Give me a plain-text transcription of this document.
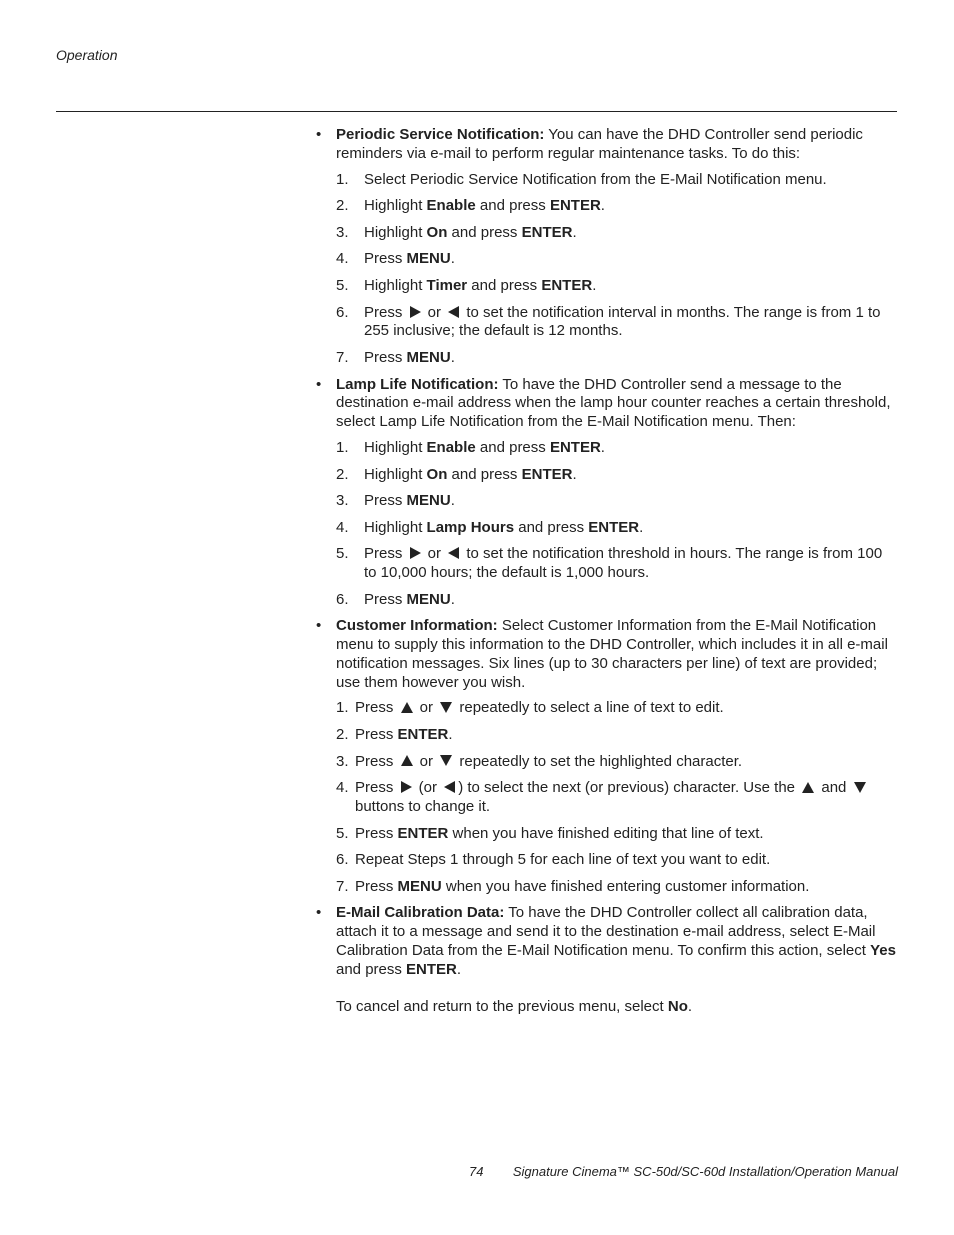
Operation
• Periodic Service Notification: You can have the DHD Controller send periodic reminders via e-mail to perform regular maintenance tasks. To do this:
1. Select Periodic Service Notification from the E-Mail Notification menu.
2. Highlight Enable and press ENTER.
3. Highlight On and press ENTER.
4. Press MENU.
5. Highlight Timer and press ENTER.
6. Press  or  to set the notification interval in months. The range is from 1 to 255 inclusive; the default is 12 months.
7. Press MENU.
• Lamp Life Notification: To have the DHD Controller send a message to the destination e-mail address when the lamp hour counter reaches a certain threshold, select Lamp Life Notification from the E-Mail Notification menu. Then:
1. Highlight Enable and press ENTER.
2. Highlight On and press ENTER.
3. Press MENU.
4. Highlight Lamp Hours and press ENTER.
5. Press  or  to set the notification threshold in hours. The range is from 100 to 10,000 hours; the default is 1,000 hours.
6. Press MENU.
• Customer Information: Select Customer Information from the E-Mail Notification menu to supply this information to the DHD Controller, which includes it in all e-mail notification messages. Six lines (up to 30 characters per line) of text are provided; use them however you wish.
1. Press  or  repeatedly to select a line of text to edit.
2. Press ENTER.
3. Press  or  repeatedly to set the highlighted character.
4. Press  (or ) to select the next (or previous) character. Use the  and  buttons to change it.
5. Press ENTER when you have finished editing that line of text.
6. Repeat Steps 1 through 5 for each line of text you want to edit.
7. Press MENU when you have finished entering customer information.
• E-Mail Calibration Data: To have the DHD Controller collect all calibration data, attach it to a message and send it to the destination e-mail address, select E-Mail Calibration Data from the E-Mail Notification menu. To confirm this action, select Yes and press ENTER.
To cancel and return to the previous menu, select No.
74 Signature Cinema™ SC-50d/SC-60d Installation/Operation Manual
